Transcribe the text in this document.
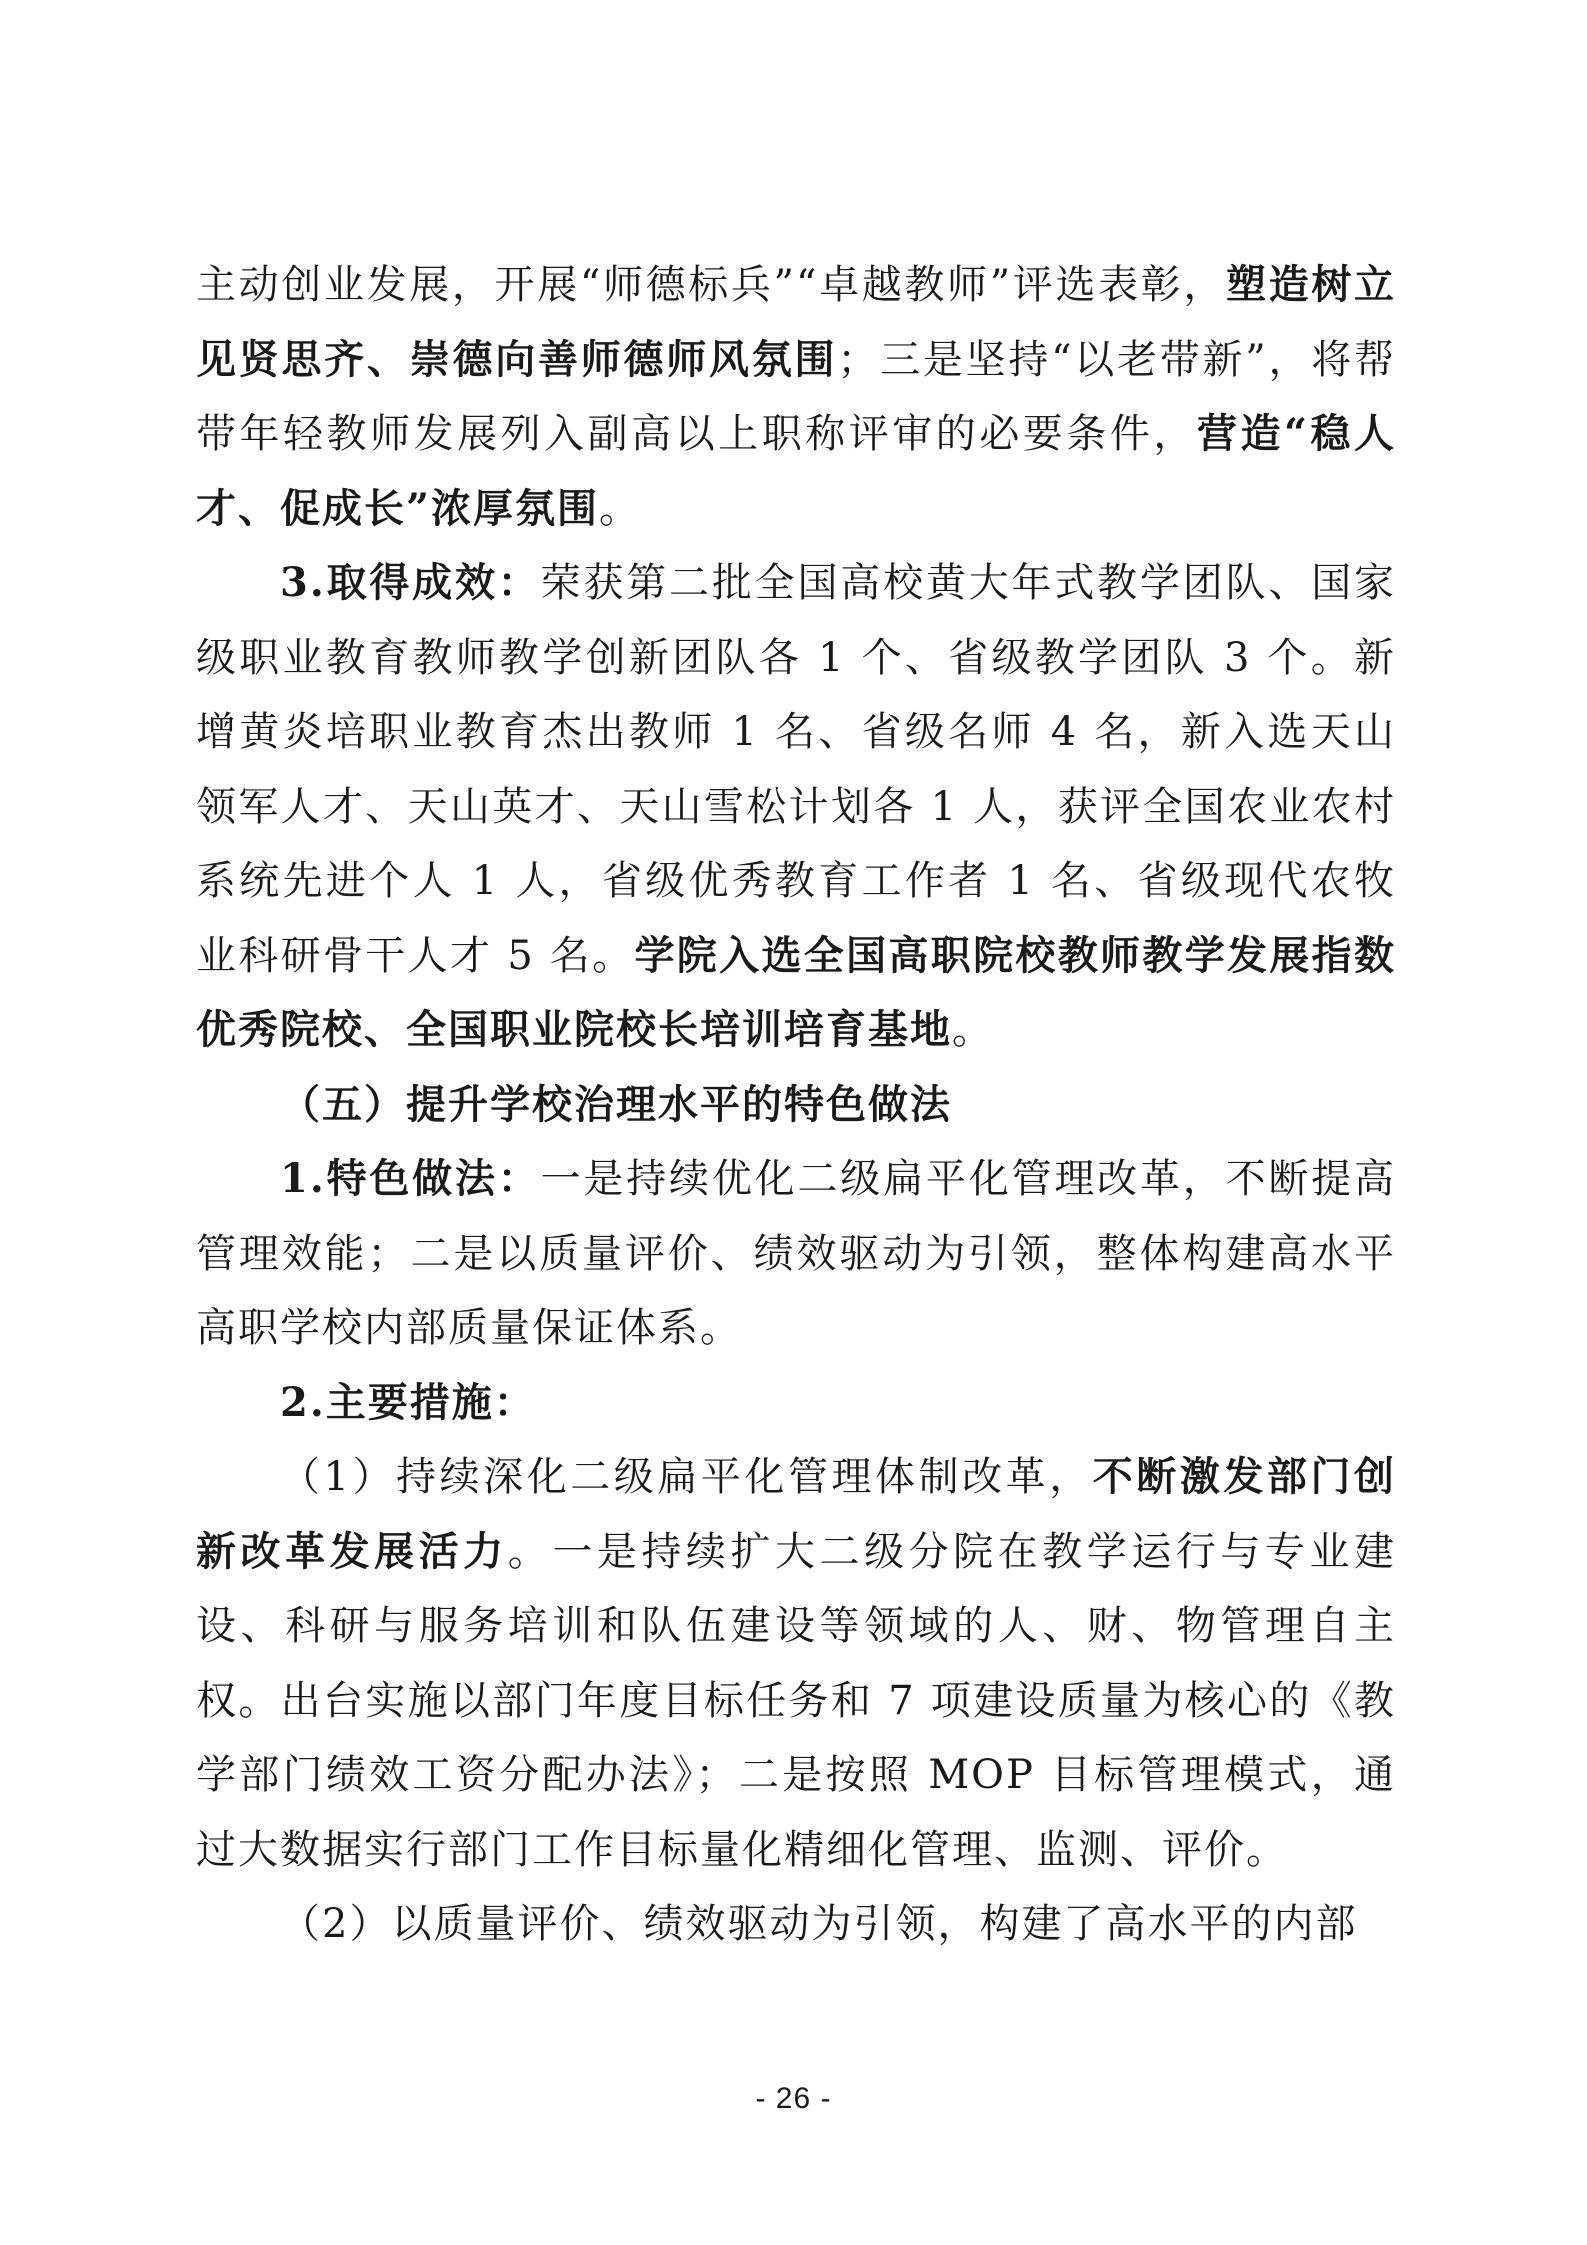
主动创业发展，开展“师德标兵”“卓越教师”评选表彰，塑造树立见贤思齐、崇德向善师德师风氛围；三是坚持“以老带新”，将帮带年轻教师发展列入副高以上职称评审的必要条件，营造“稳人才、促成长”浓厚氛围。

3.取得成效：荣获第二批全国高校黄大年式教学团队、国家级职业教育教师教学创新团队各 1 个、省级教学团队 3 个。新增黄炎培职业教育杰出教师 1 名、省级名师 4 名，新入选天山领军人才、天山英才、天山雪松计划各 1 人，获评全国农业农村系统先进个人 1 人，省级优秀教育工作者 1 名、省级现代农牧业科研骨干人才 5 名。学院入选全国高职院校教师教学发展指数优秀院校、全国职业院校长培训培育基地。

（五）提升学校治理水平的特色做法

1.特色做法：一是持续优化二级扁平化管理改革，不断提高管理效能；二是以质量评价、绩效驱动为引领，整体构建高水平高职学校内部质量保证体系。

2.主要措施：

（1）持续深化二级扁平化管理体制改革，不断激发部门创新改革发展活力。一是持续扩大二级分院在教学运行与专业建设、科研与服务培训和队伍建设等领域的人、财、物管理自主权。出台实施以部门年度目标任务和 7 项建设质量为核心的《教学部门绩效工资分配办法》；二是按照 MOP 目标管理模式，通过大数据实行部门工作目标量化精细化管理、监测、评价。

（2）以质量评价、绩效驱动为引领，构建了高水平的内部

- 26 -
